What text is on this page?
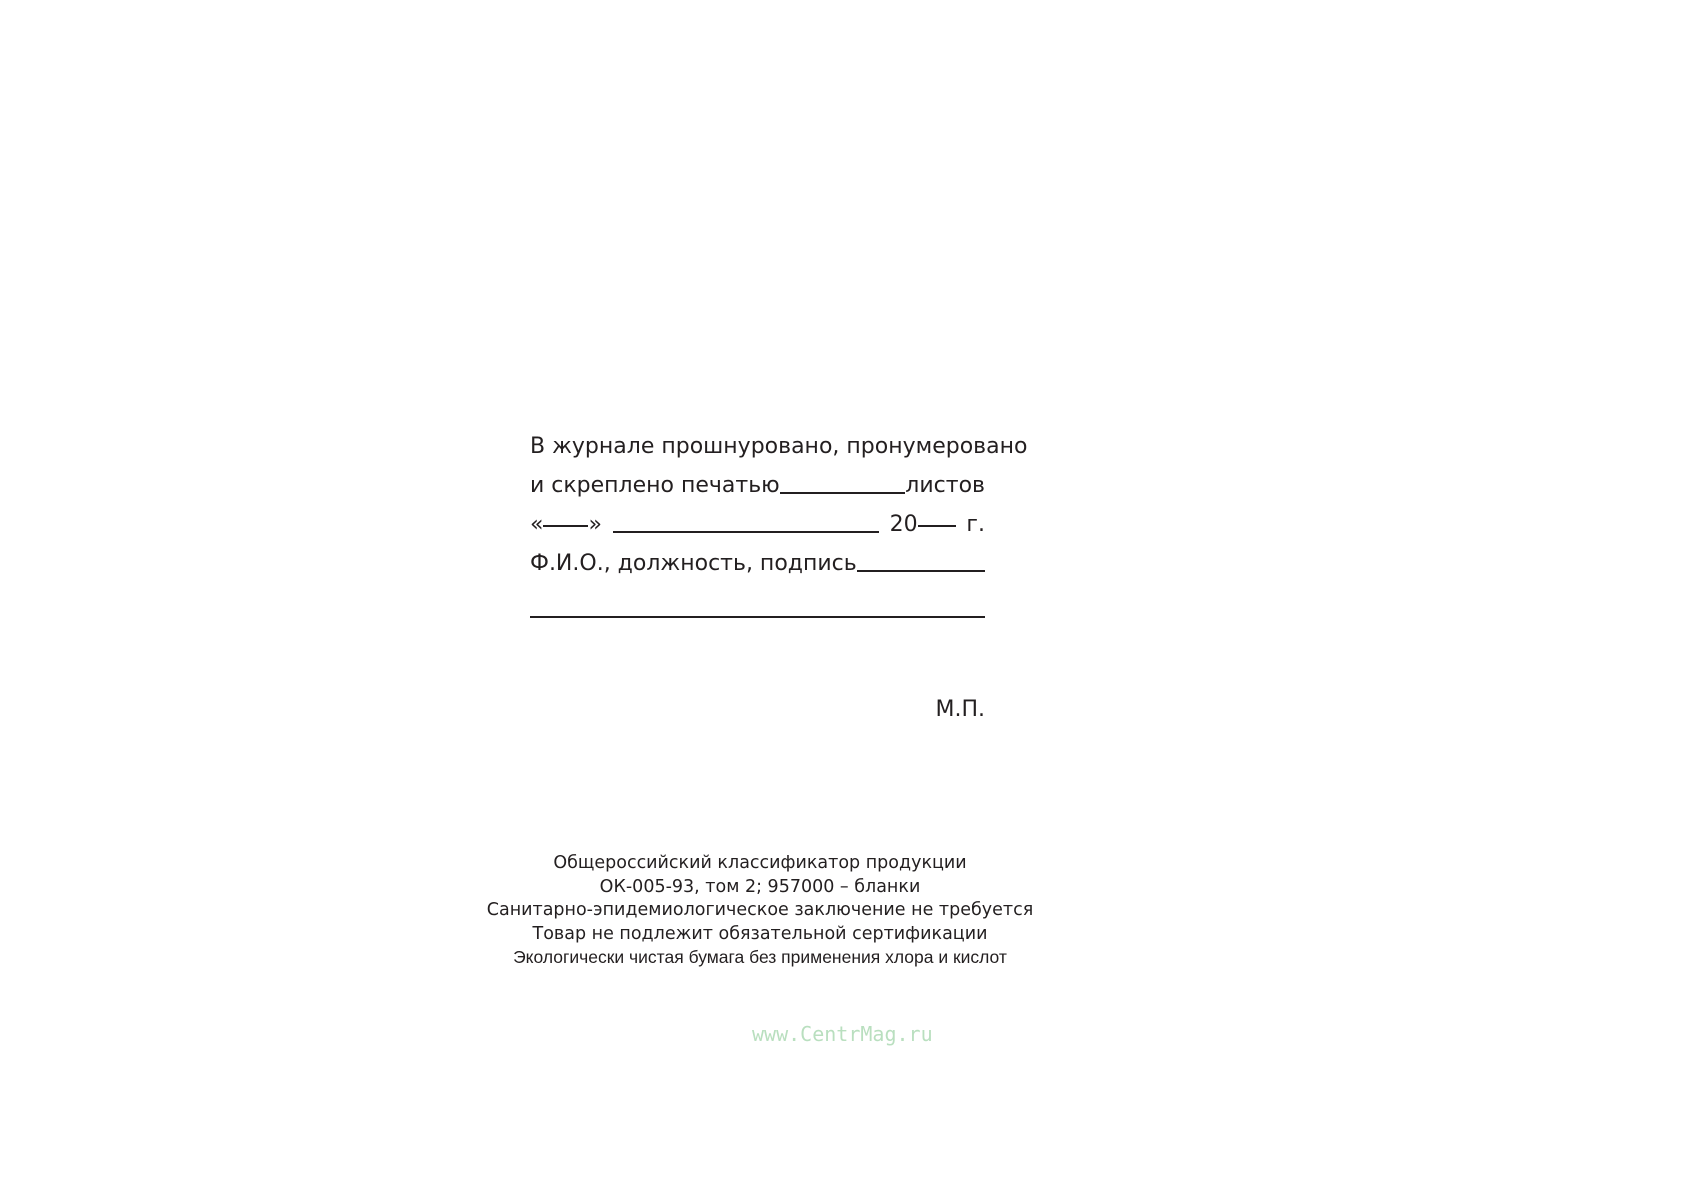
В журнале прошнуровано, пронумеровано
и скреплено печатью	листов
« »	20	г.
Ф.И.О., должность, подпись
М.П.
Общероссийский классификатор продукции
ОК-005-93, том 2; 957000 – бланки
Санитарно-эпидемиологическое заключение не требуется
Товар не подлежит обязательной сертификации
Экологически чистая бумага без применения хлора и кислот
www.CentrMag.ru
